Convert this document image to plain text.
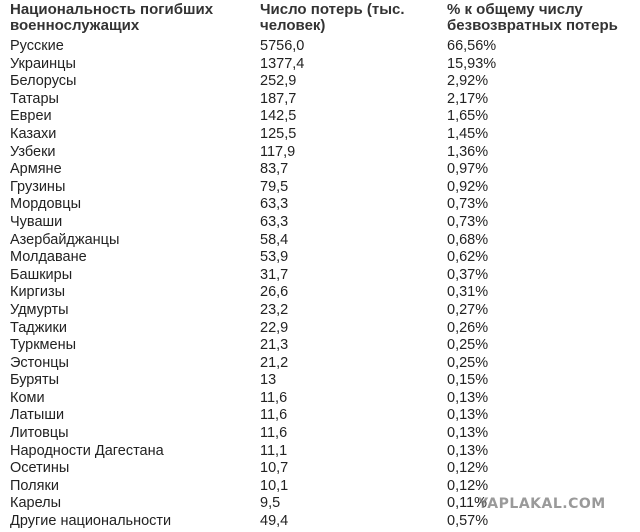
Национальность погибших военнослужащих	Число потерь (тыс. человек)	% к общему числу безвозвратных потерь
Русские	5756,0	66,56%
Украинцы	1377,4	15,93%
Белорусы	252,9	2,92%
Татары	187,7	2,17%
Евреи	142,5	1,65%
Казахи	125,5	1,45%
Узбеки	117,9	1,36%
Армяне	83,7	0,97%
Грузины	79,5	0,92%
Мордовцы	63,3	0,73%
Чуваши	63,3	0,73%
Азербайджанцы	58,4	0,68%
Молдаване	53,9	0,62%
Башкиры	31,7	0,37%
Киргизы	26,6	0,31%
Удмурты	23,2	0,27%
Таджики	22,9	0,26%
Туркмены	21,3	0,25%
Эстонцы	21,2	0,25%
Буряты	13	0,15%
Коми	11,6	0,13%
Латыши	11,6	0,13%
Литовцы	11,6	0,13%
Народности Дагестана	11,1	0,13%
Осетины	10,7	0,12%
Поляки	10,1	0,12%
Карелы	9,5	0,11%
Другие национальности	49,4	0,57%
YAPLAKAL.COM
